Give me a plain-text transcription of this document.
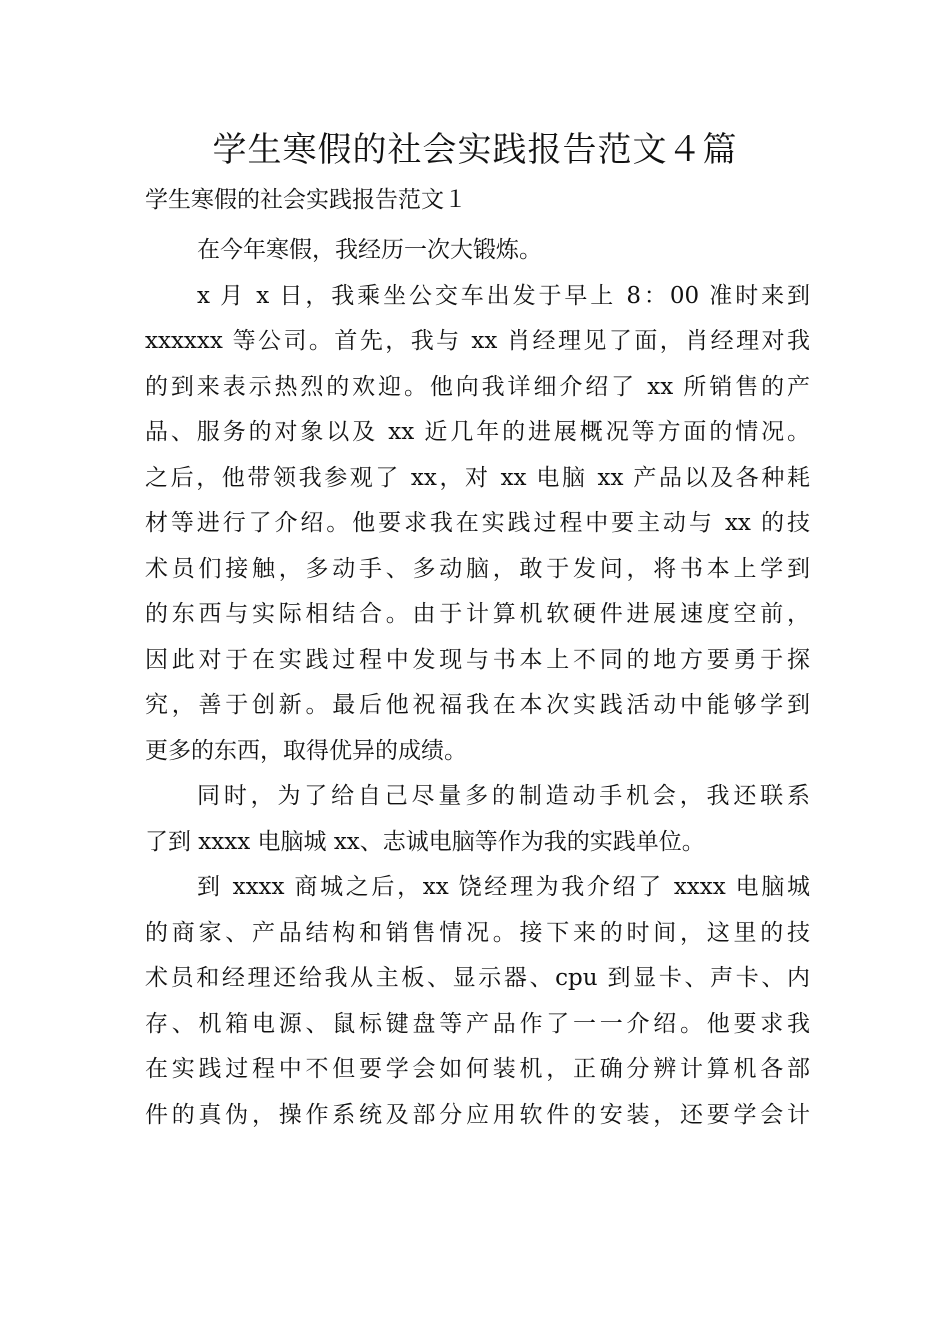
学生寒假的社会实践报告范文４篇
学生寒假的社会实践报告范文１

在今年寒假，我经历一次大锻炼。

x 月 x 日，我乘坐公交车出发于早上 8：00 准时来到
xxxxxx 等公司。首先，我与 xx 肖经理见了面，肖经理对我
的到来表示热烈的欢迎。他向我详细介绍了 xx 所销售的产
品、服务的对象以及 xx 近几年的进展概况等方面的情况。
之后，他带领我参观了 xx，对 xx 电脑 xx 产品以及各种耗
材等进行了介绍。他要求我在实践过程中要主动与 xx 的技
术员们接触，多动手、多动脑，敢于发问，将书本上学到
的东西与实际相结合。由于计算机软硬件进展速度空前，
因此对于在实践过程中发现与书本上不同的地方要勇于探
究，善于创新。最后他祝福我在本次实践活动中能够学到
更多的东西，取得优异的成绩。

同时，为了给自己尽量多的制造动手机会，我还联系
了到 xxxx 电脑城 xx、志诚电脑等作为我的实践单位。

到 xxxx 商城之后，xx 饶经理为我介绍了 xxxx 电脑城
的商家、产品结构和销售情况。接下来的时间，这里的技
术员和经理还给我从主板、显示器、cpu 到显卡、声卡、内
存、机箱电源、鼠标键盘等产品作了一一介绍。他要求我
在实践过程中不但要学会如何装机，正确分辨计算机各部
件的真伪，操作系统及部分应用软件的安装，还要学会计
